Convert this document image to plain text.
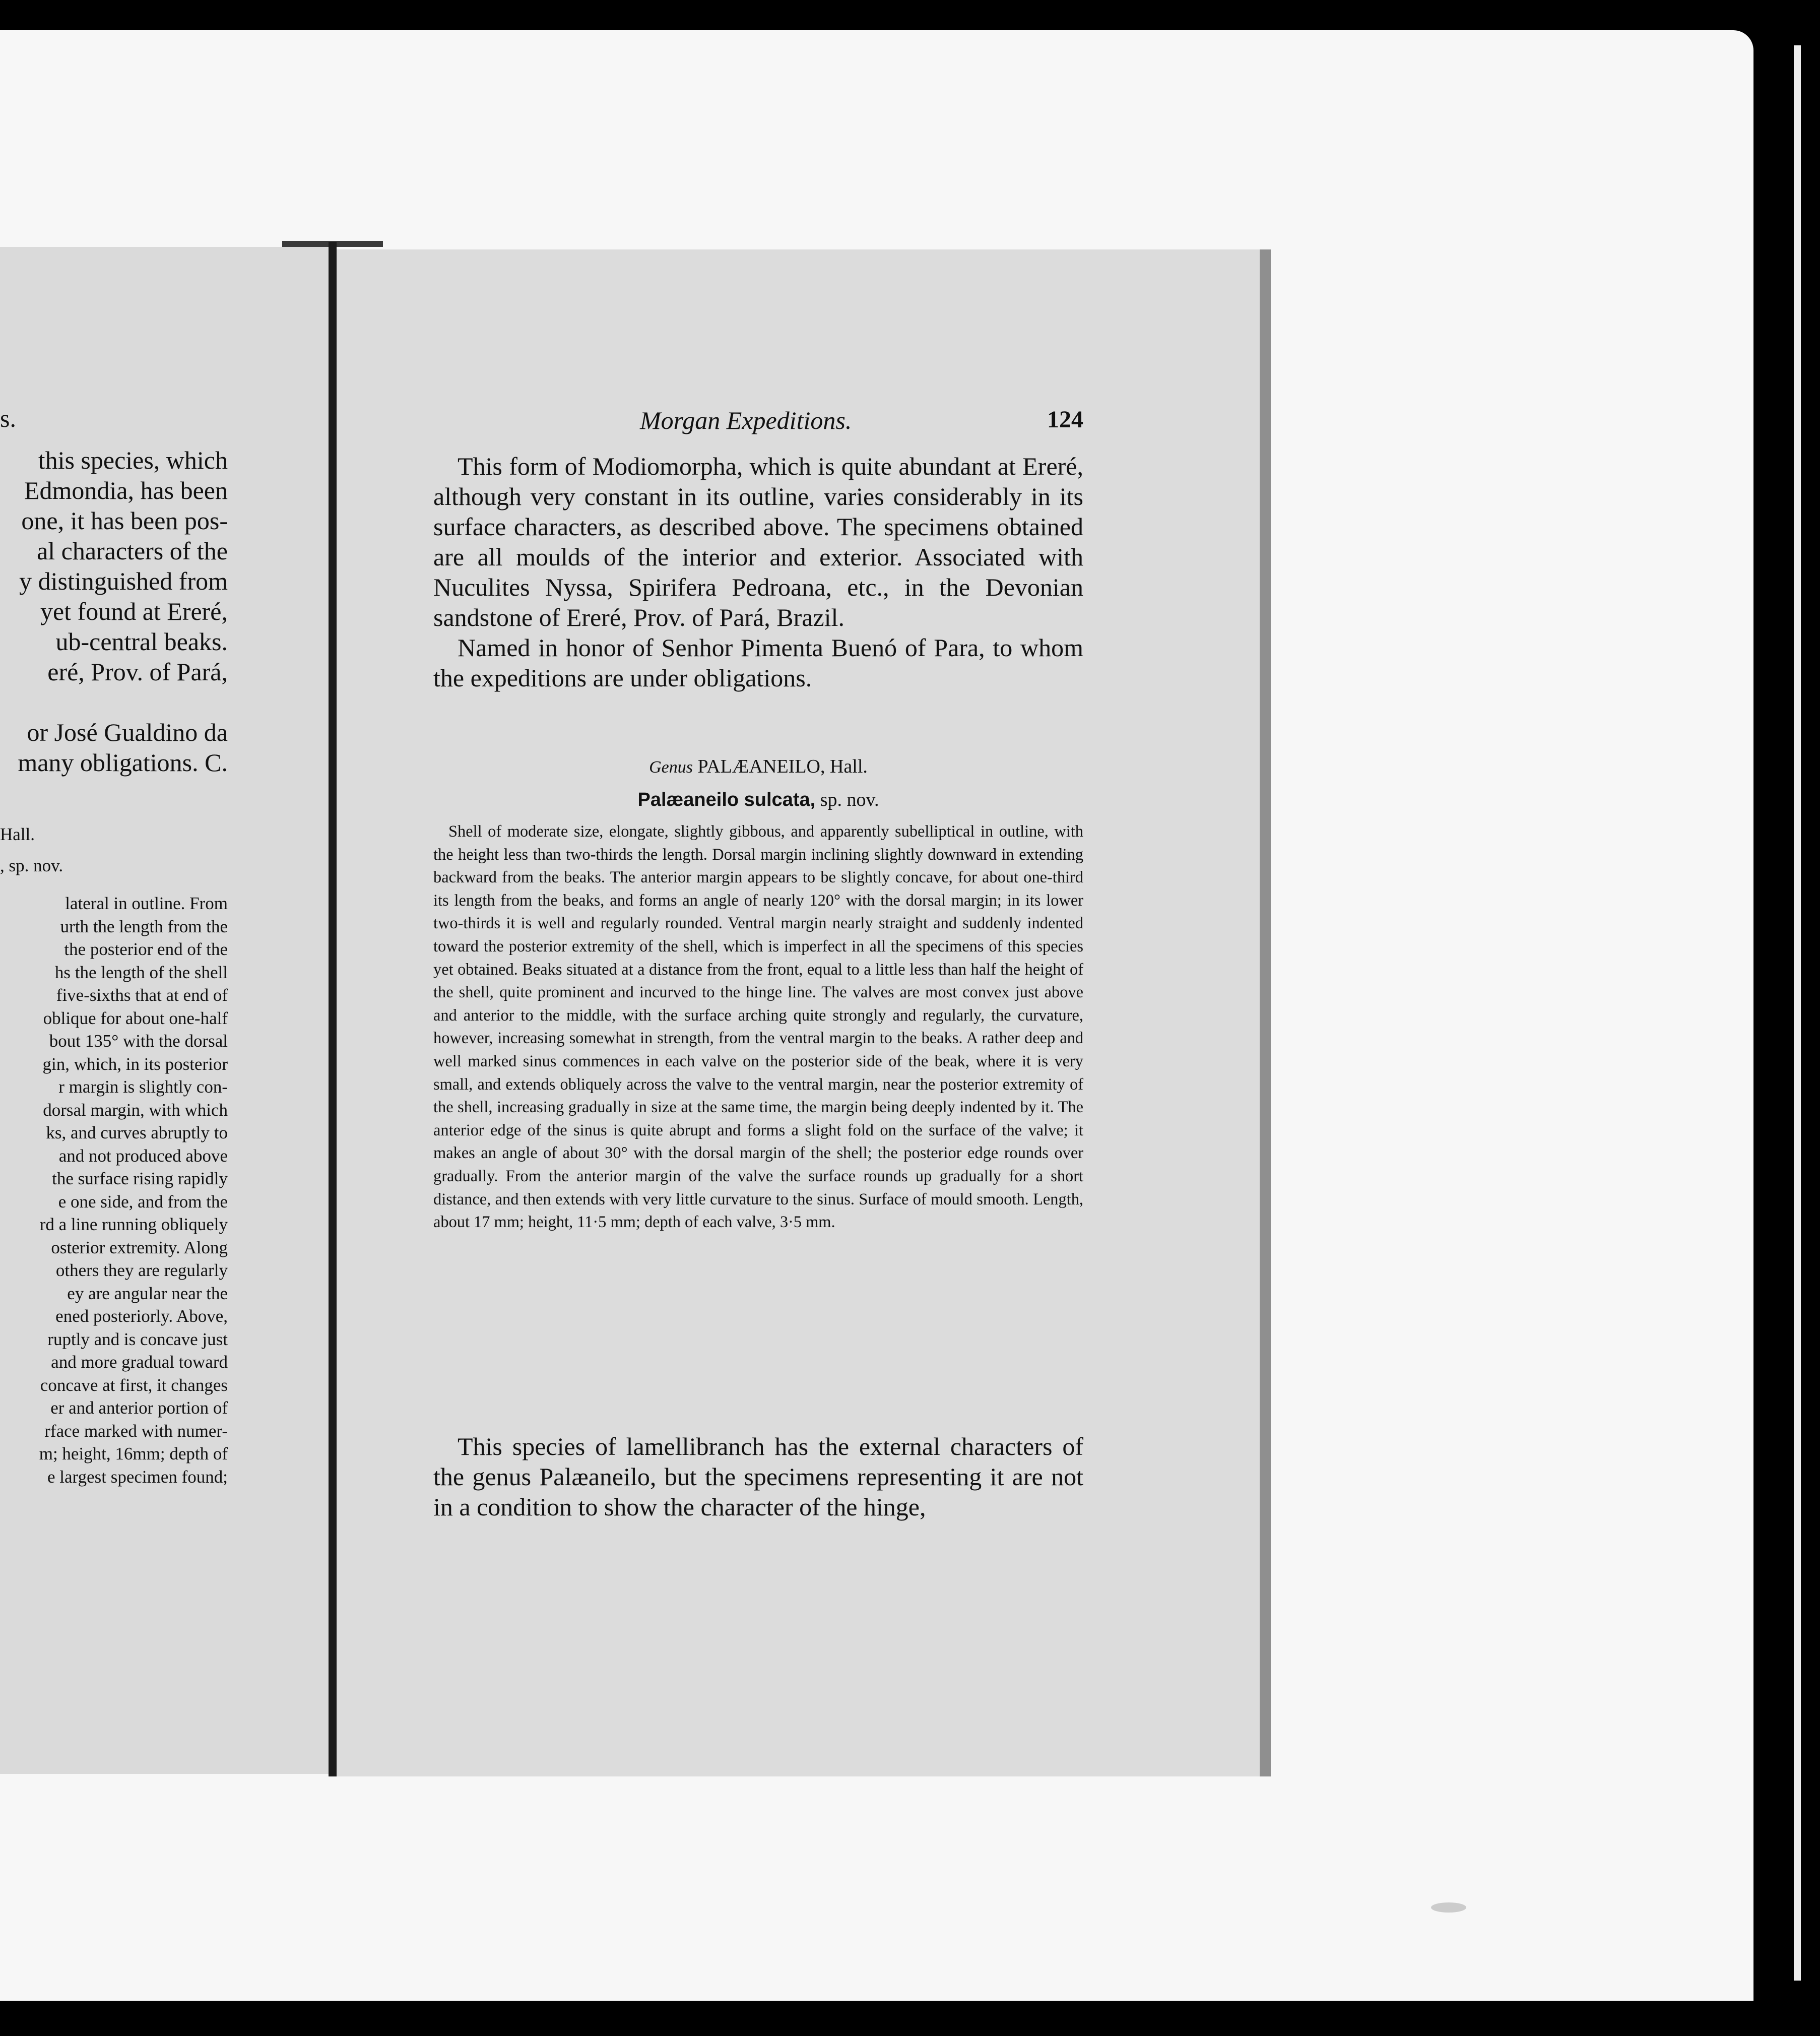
s.
this species, which
Edmondia, has been
one, it has been pos-
al characters of the
y distinguished from
yet found at Ereré,
ub-central beaks.
eré, Prov. of Pará,

or José Gualdino da
many obligations. C.
Hall.
, sp. nov.
lateral in outline. From
urth the length from the
the posterior end of the
hs the length of the shell
five-sixths that at end of
oblique for about one-half
bout 135° with the dorsal
gin, which, in its posterior
r margin is slightly con-
dorsal margin, with which
ks, and curves abruptly to
and not produced above
the surface rising rapidly
e one side, and from the
rd a line running obliquely
osterior extremity. Along
others they are regularly
ey are angular near the
ened posteriorly. Above,
ruptly and is concave just
and more gradual toward
concave at first, it changes
er and anterior portion of
rface marked with numer-
m; height, 16mm; depth of
e largest specimen found;
Morgan Expeditions.	124

This form of Modiomorpha, which is quite abundant at Ereré, although very constant in its outline, varies considerably in its surface characters, as described above. The specimens obtained are all moulds of the interior and exterior. Associated with Nuculites Nyssa, Spirifera Pedroana, etc., in the Devonian sandstone of Ereré, Prov. of Pará, Brazil.

Named in honor of Senhor Pimenta Buenó of Para, to whom the expeditions are under obligations.

Genus PALÆANEILO, Hall.
Palæaneilo sulcata, sp. nov.

Shell of moderate size, elongate, slightly gibbous, and apparently subelliptical in outline, with the height less than two-thirds the length. Dorsal margin inclining slightly downward in extending backward from the beaks. The anterior margin appears to be slightly concave, for about one-third its length from the beaks, and forms an angle of nearly 120° with the dorsal margin; in its lower two-thirds it is well and regularly rounded. Ventral margin nearly straight and suddenly indented toward the posterior extremity of the shell, which is imperfect in all the specimens of this species yet obtained. Beaks situated at a distance from the front, equal to a little less than half the height of the shell, quite prominent and incurved to the hinge line. The valves are most convex just above and anterior to the middle, with the surface arching quite strongly and regularly, the curvature, however, increasing somewhat in strength, from the ventral margin to the beaks. A rather deep and well marked sinus commences in each valve on the posterior side of the beak, where it is very small, and extends obliquely across the valve to the ventral margin, near the posterior extremity of the shell, increasing gradually in size at the same time, the margin being deeply indented by it. The anterior edge of the sinus is quite abrupt and forms a slight fold on the surface of the valve; it makes an angle of about 30° with the dorsal margin of the shell; the posterior edge rounds over gradually. From the anterior margin of the valve the surface rounds up gradually for a short distance, and then extends with very little curvature to the sinus. Surface of mould smooth. Length, about 17 mm; height, 11·5 mm; depth of each valve, 3·5 mm.

This species of lamellibranch has the external characters of the genus Palæaneilo, but the specimens representing it are not in a condition to show the character of the hinge,
